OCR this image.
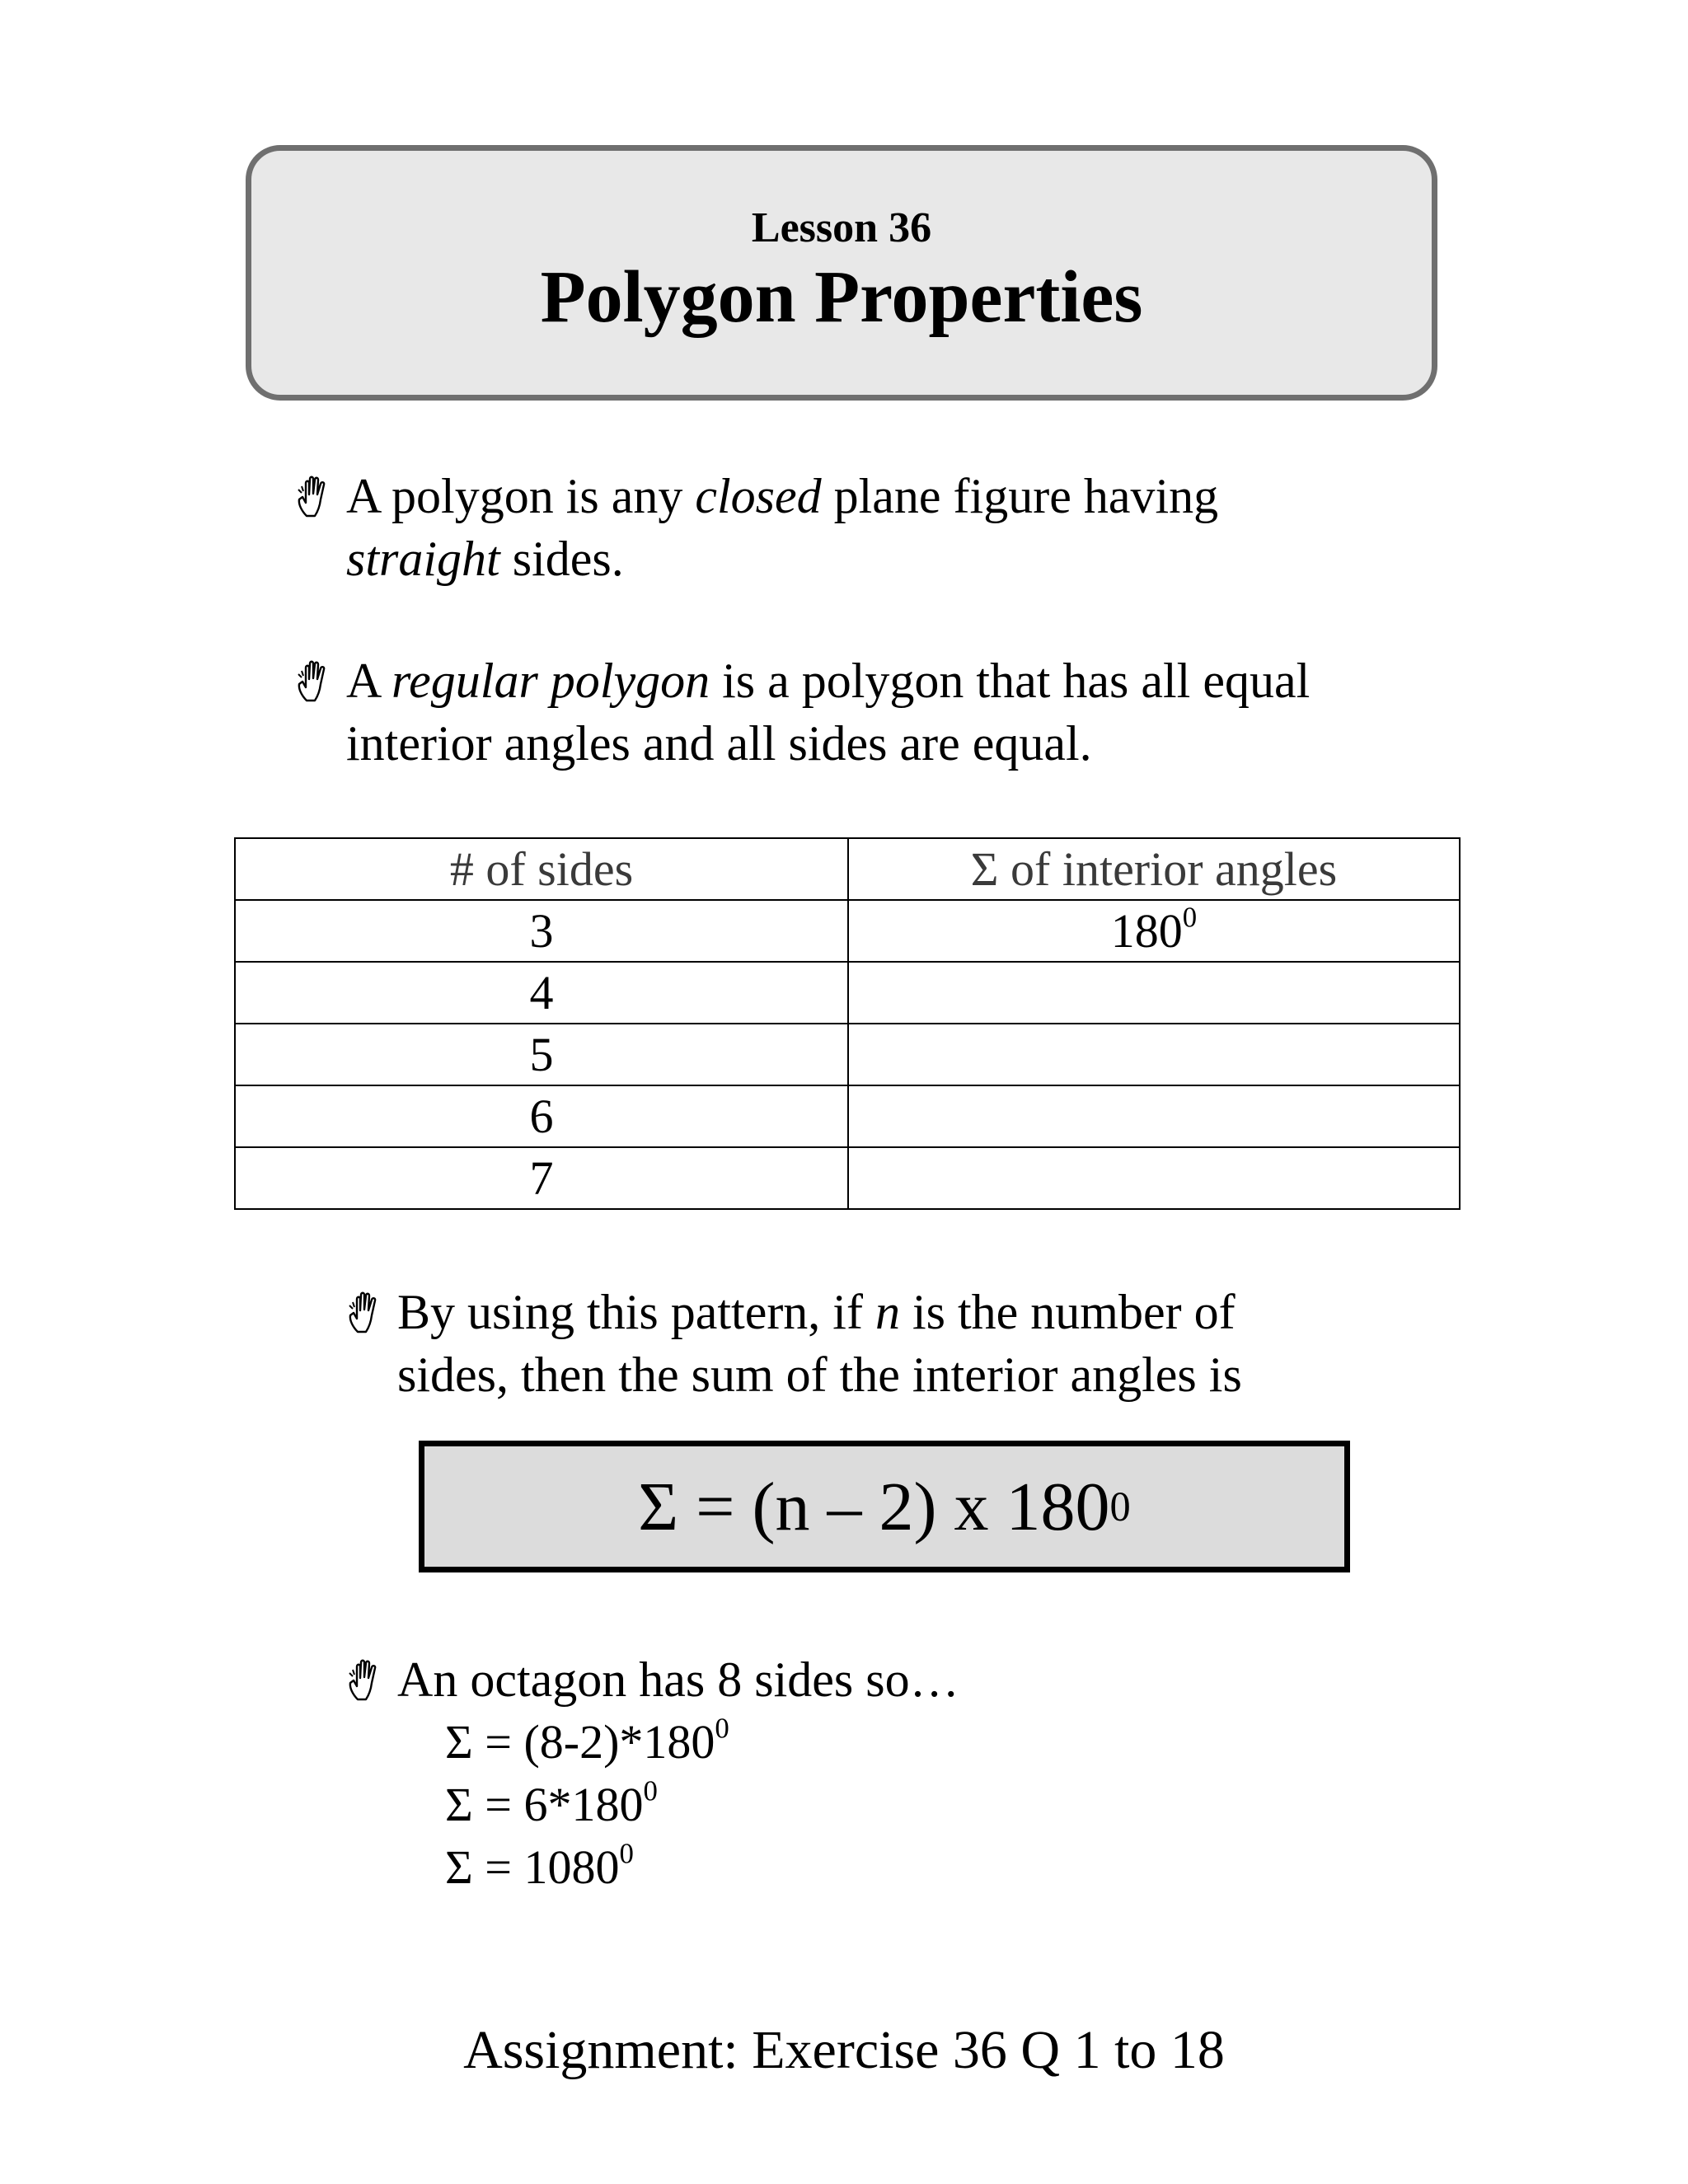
Lesson 36
Polygon Properties
A polygon is any closed plane figure having
straight sides.
A regular polygon is a polygon that has all equal
interior angles and all sides are equal.
# of sides	Σ of interior angles
3	$180^0$
4	
5	
6	
7	
By using this pattern, if n is the number of
sides, then the sum of the interior angles is
Σ = (n – 2) x 180 0
An octagon has 8 sides so…
$\Sigma = (8-2)*180^0$
$\Sigma = 6*180^0$
$\Sigma = 1080^0$
Assignment: Exercise 36 Q 1 to 18
